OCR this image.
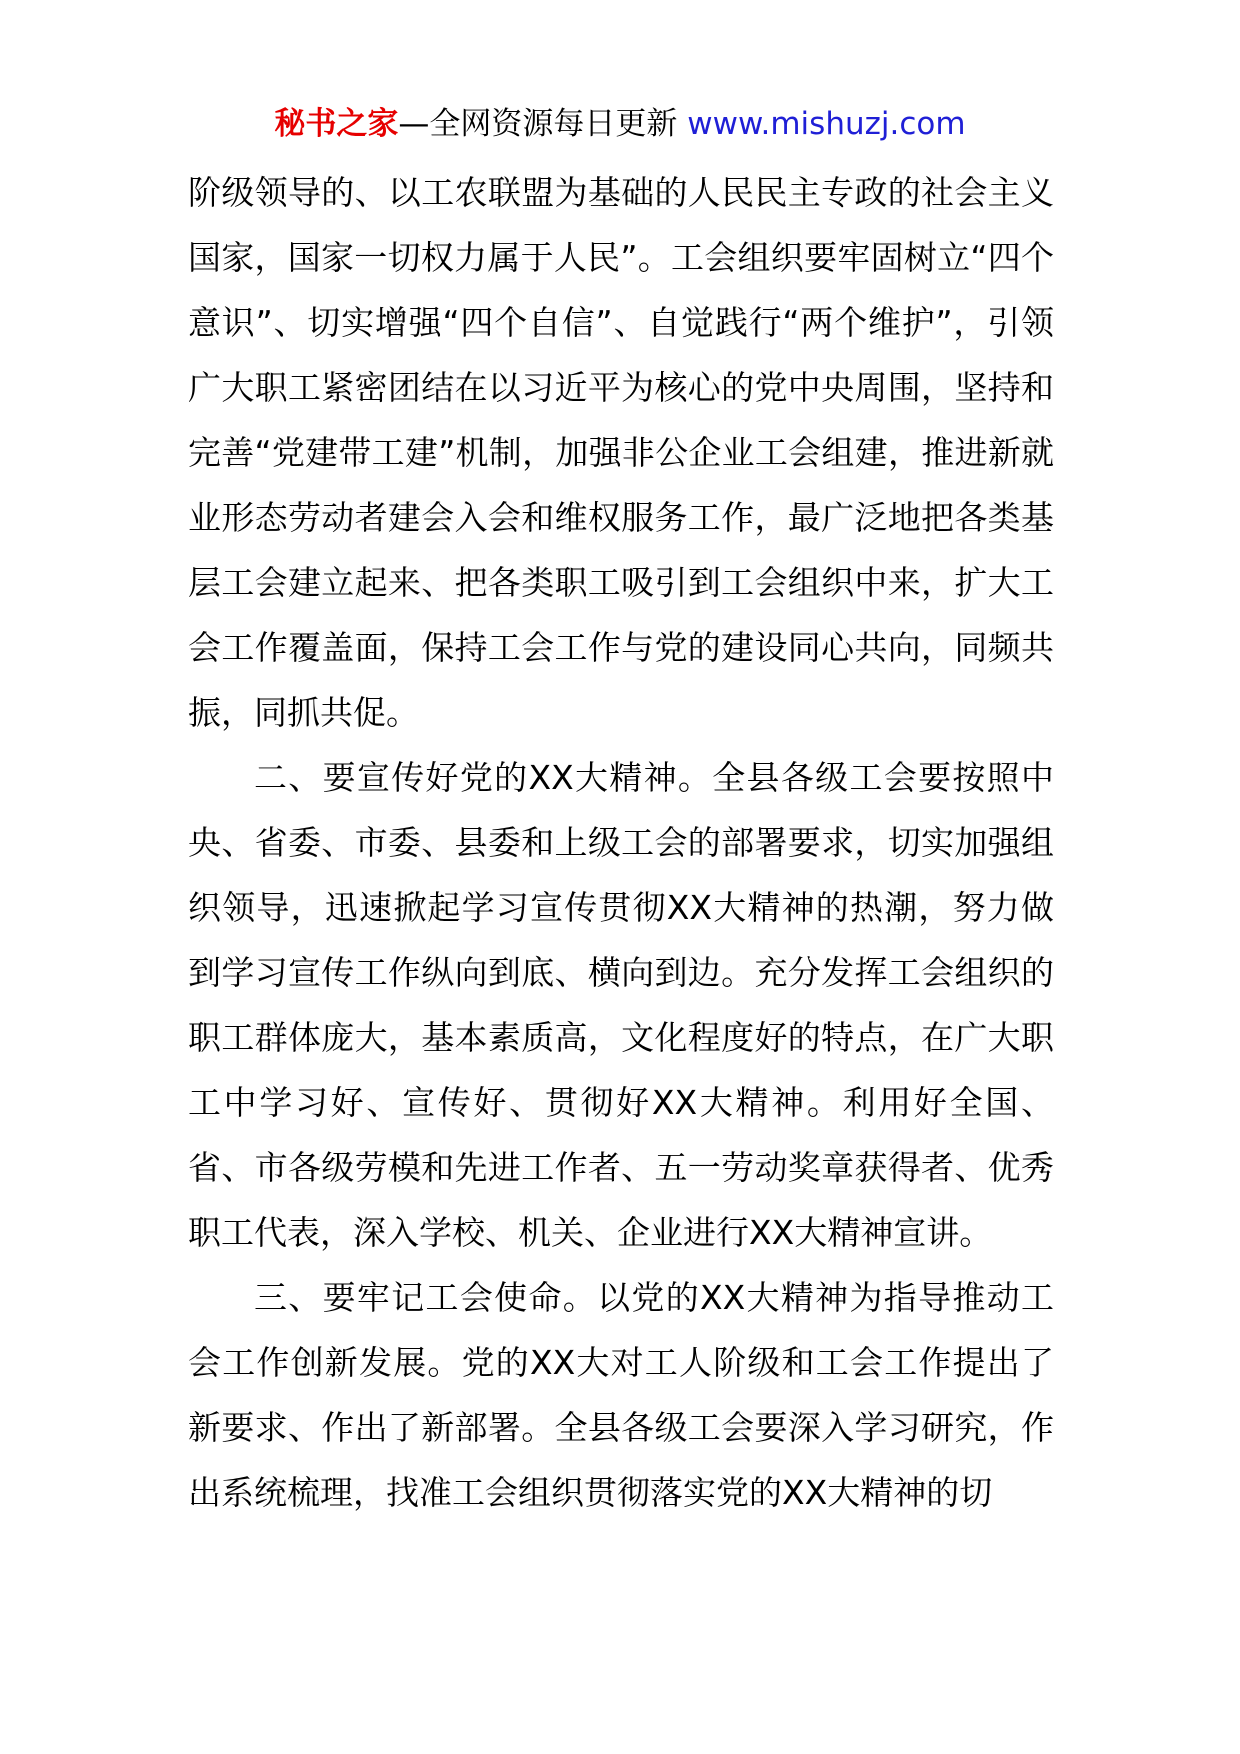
秘书之家—全网资源每日更新 www.mishuzj.com

阶级领导的、以工农联盟为基础的人民民主专政的社会主义国家，国家一切权力属于人民”。工会组织要牢固树立“四个意识”、切实增强“四个自信”、自觉践行“两个维护”，引领广大职工紧密团结在以习近平为核心的党中央周围，坚持和完善“党建带工建”机制，加强非公企业工会组建，推进新就业形态劳动者建会入会和维权服务工作，最广泛地把各类基层工会建立起来、把各类职工吸引到工会组织中来，扩大工会工作覆盖面，保持工会工作与党的建设同心共向，同频共振，同抓共促。

二、要宣传好党的XX大精神。全县各级工会要按照中央、省委、市委、县委和上级工会的部署要求，切实加强组织领导，迅速掀起学习宣传贯彻XX大精神的热潮，努力做到学习宣传工作纵向到底、横向到边。充分发挥工会组织的职工群体庞大，基本素质高，文化程度好的特点，在广大职工中学习好、宣传好、贯彻好XX大精神。利用好全国、省、市各级劳模和先进工作者、五一劳动奖章获得者、优秀职工代表，深入学校、机关、企业进行XX大精神宣讲。

三、要牢记工会使命。以党的XX大精神为指导推动工会工作创新发展。党的XX大对工人阶级和工会工作提出了新要求、作出了新部署。全县各级工会要深入学习研究，作出系统梳理，找准工会组织贯彻落实党的XX大精神的切
